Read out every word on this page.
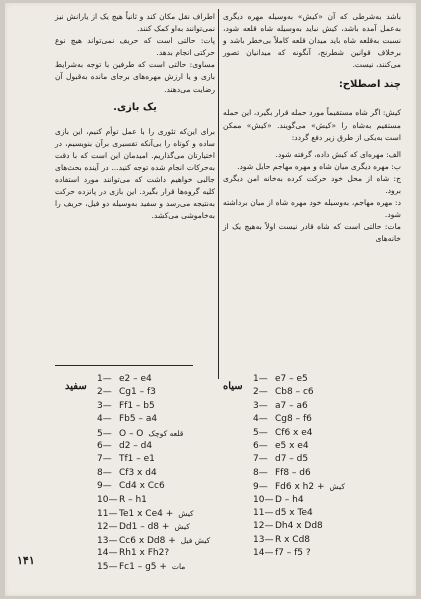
باشد به‌شرطی که آن «کیش» به‌وسیله مهره دیگری به‌عمل آمده باشد، کیش نباید به‌وسیله شاه قلعه شود، نسبت به‌قلعه شاه باید میدان قلعه کاملاً بی‌خطر باشد و برخلاف قوانین شطرنج، آنگونه که میدانیان تصور می‌کنند، نیست.

چند اصطلاح:

کیش: اگر شاه مستقیماً مورد حمله قرار بگیرد، این حمله مستقیم به‌شاه را «کیش» می‌گویند. «کیش» ممکن است به‌یکی از طرق زیر دفع گردد:

الف: مهره‌ای که کیش داده، گرفته شود.

ب: مهره دیگری میان شاه و مهره مهاجم حایل شود.

ج: شاه از محل خود حرکت کرده به‌خانه امن دیگری برود.

د: مهره مهاجم، به‌وسیله خود مهره شاه از میان برداشته شود.

مات: حالتی است که شاه قادر نیست اولاً به‌هیچ یک از خانه‌های

اطراف نقل مکان کند و ثانیاً هیچ یک از یارانش نیز نمی‌توانند به‌او کمک کنند.

پات: حالتی است که حریف نمی‌تواند هیچ نوع حرکتی انجام بدهد.

مساوی: حالتی است که طرفین با توجه به‌شرایط بازی و یا ارزش مهره‌های برجای مانده به‌قبول آن رضایت می‌دهند.

یک بازی.

برای این‌که تئوری را با عمل توأم کنیم، این بازی ساده و کوتاه را بی‌آنکه تفسیری برآن بنویسیم، در اختیارتان می‌گذاریم. امیدمان این است که با دقت به‌حرکات انجام شده توجه کنید... در آینده بحث‌های جالبی خواهیم داشت که می‌توانند مورد استفاده کلیه گروه‌ها قرار بگیرد. این بازی در پانزده حرکت به‌نتیجه می‌رسد و سفید به‌وسیله دو فیل، حریف را به‌خاموشی می‌کشد.

سفید	سیاه
1— e2 – e4
2— Cg1 – f3
3— Ff1 – b5
4— Fb5 – a4
5— O – O قلعه کوچک
6— d2 – d4
7— Tf1 – e1
8— Cf3 x d4
9— Cd4 x Cc6
10— R – h1
11— Te1 x Ce4 + کیش
12— Dd1 – d8 + کیش
13— Cc6 x Dd8 + کیش فیل
14— Rh1 x Fh2?
15— Fc1 – g5 + مات
1— e7 – e5
2— Cb8 – c6
3— a7 – a6
4— Cg8 – f6
5— Cf6 x e4
6— e5 x e4
7— d7 – d5
8— Ff8 – d6
9— Fd6 x h2 + کیش
10— D – h4
11— d5 x Te4
12— Dh4 x Dd8
13— R x Cd8
14— f7 – f5 ?
۱۴۱
